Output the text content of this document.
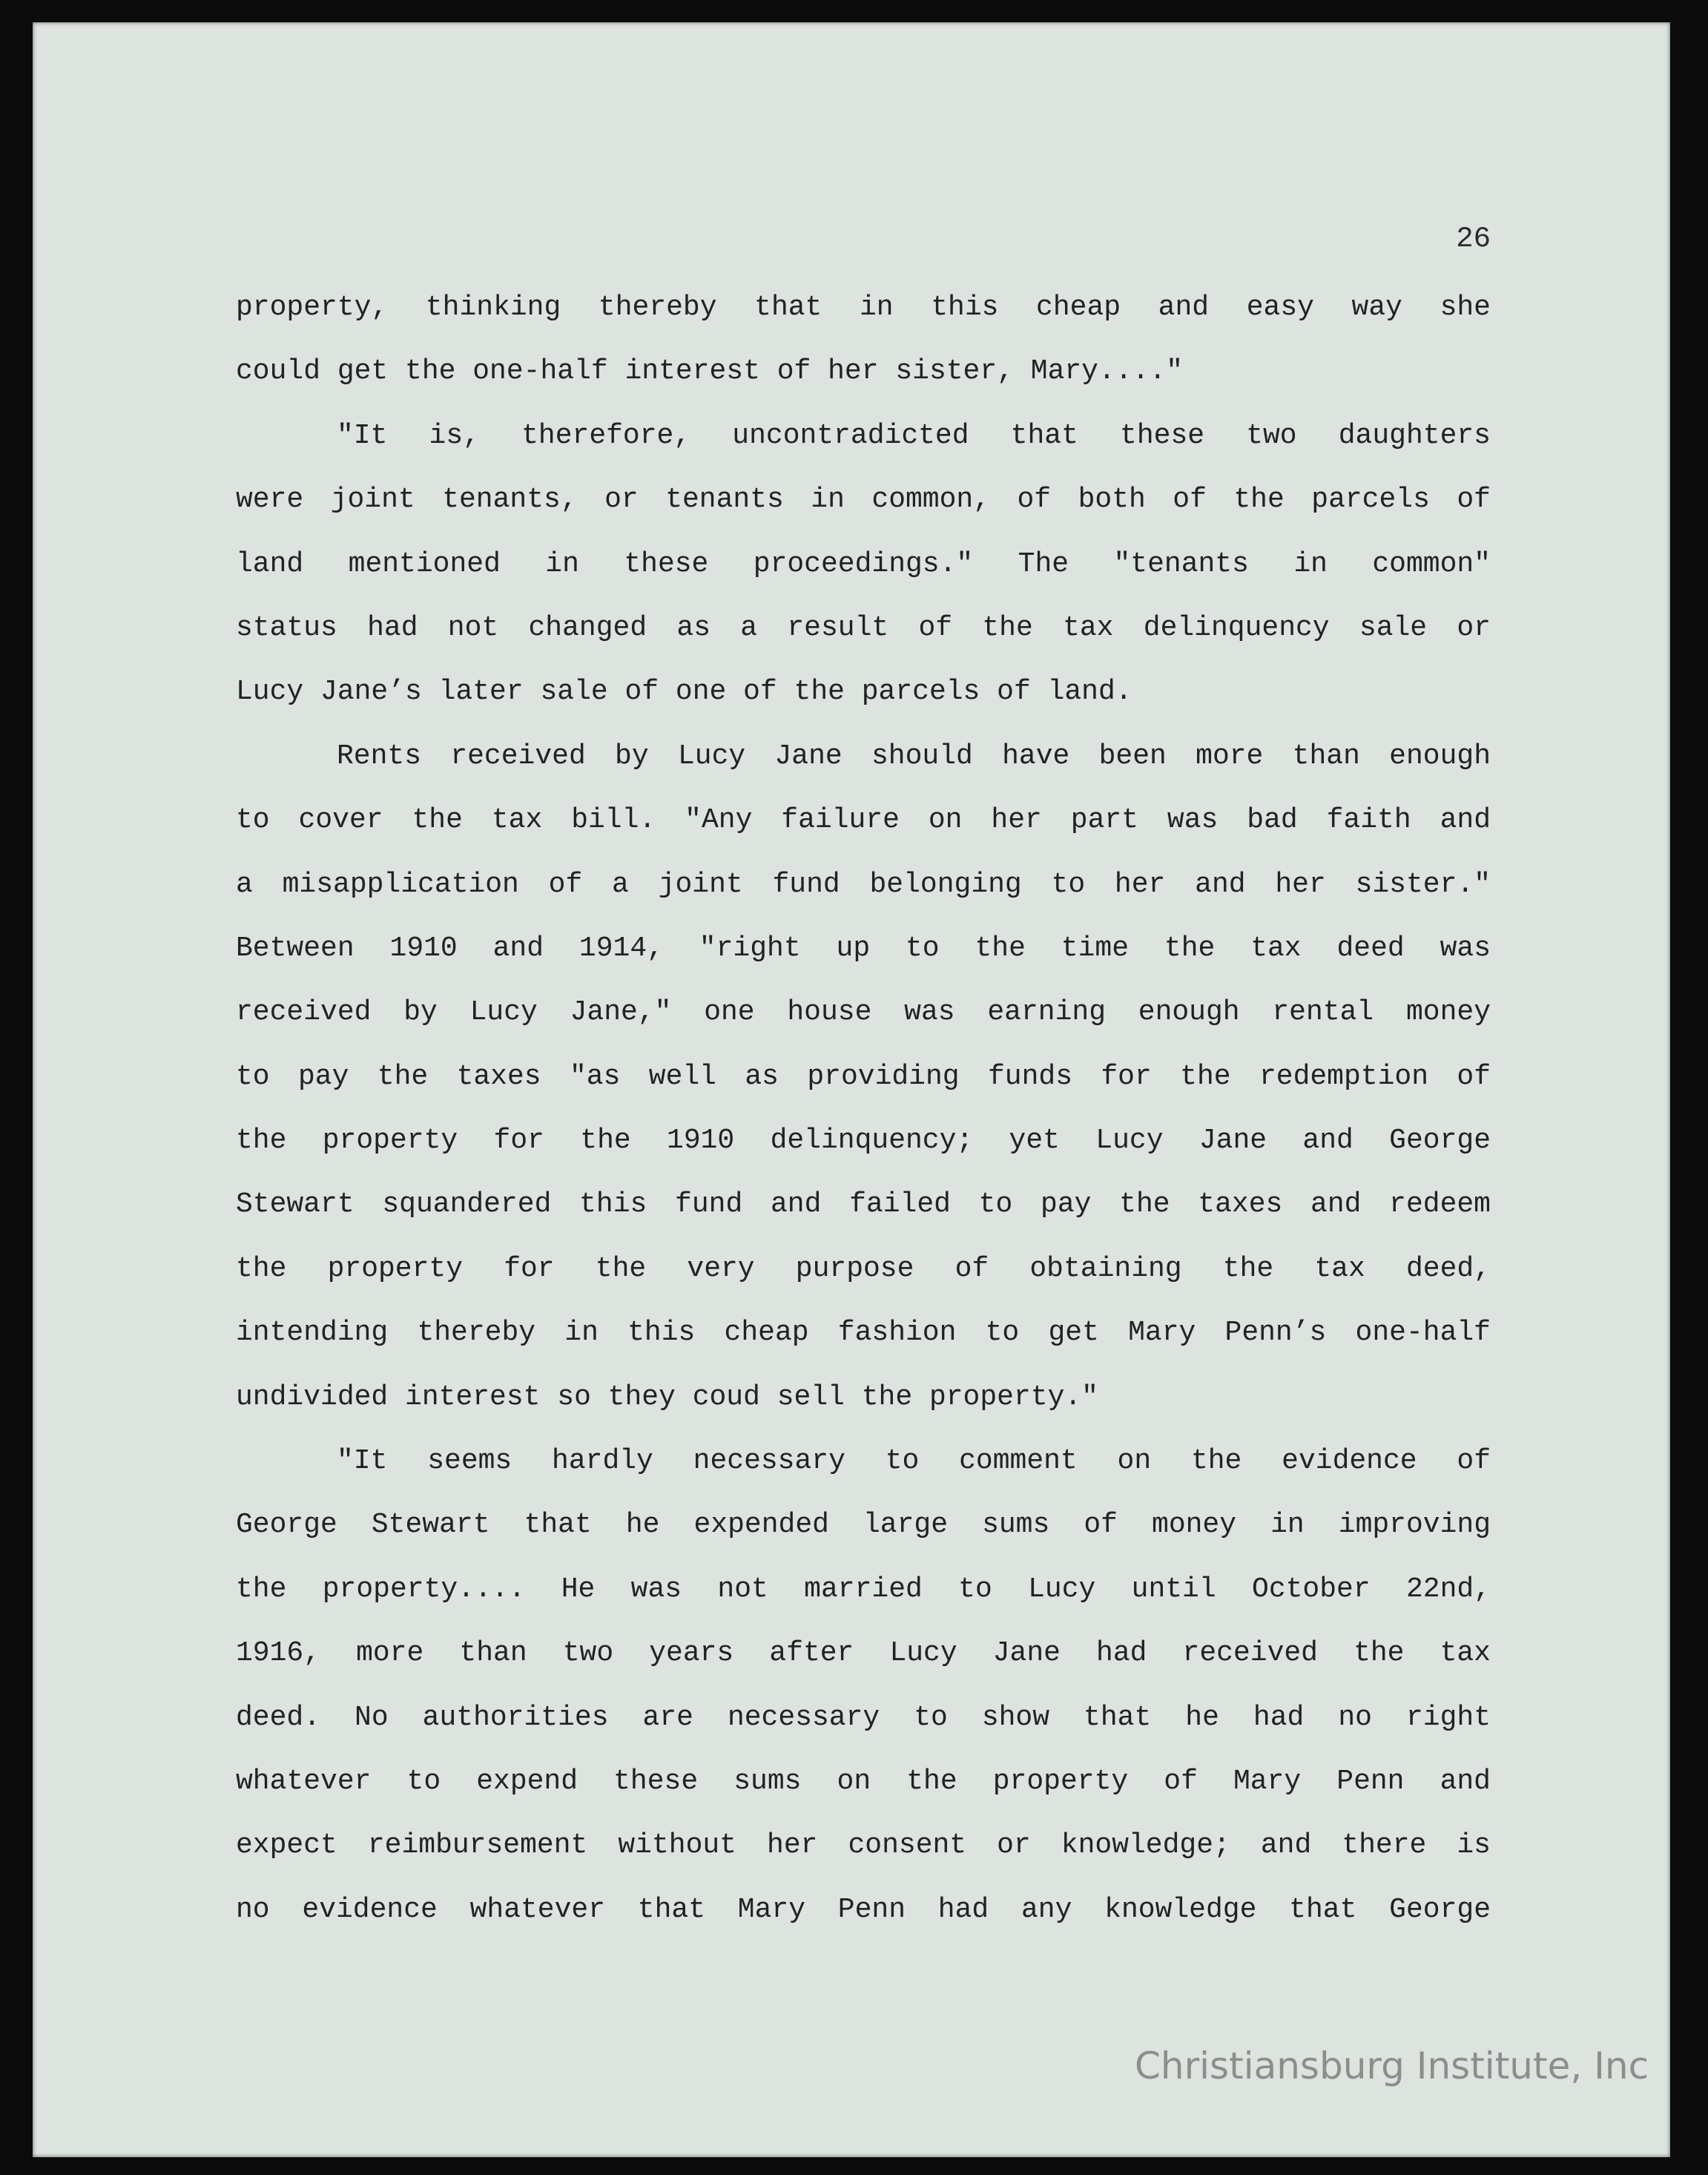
26
property, thinking thereby that in this cheap and easy way she
could get the one-half interest of her sister, Mary...."
"It is, therefore, uncontradicted that these two daughters
were joint tenants, or tenants in common, of both of the parcels of
land mentioned in these proceedings." The "tenants in common"
status had not changed as a result of the tax delinquency sale or
Lucy Jane’s later sale of one of the parcels of land.
Rents received by Lucy Jane should have been more than enough
to cover the tax bill. "Any failure on her part was bad faith and
a misapplication of a joint fund belonging to her and her sister."
Between 1910 and 1914, "right up to the time the tax deed was
received by Lucy Jane," one house was earning enough rental money
to pay the taxes "as well as providing funds for the redemption of
the property for the 1910 delinquency; yet Lucy Jane and George
Stewart squandered this fund and failed to pay the taxes and redeem
the property for the very purpose of obtaining the tax deed,
intending thereby in this cheap fashion to get Mary Penn’s one-half
undivided interest so they coud sell the property."
"It seems hardly necessary to comment on the evidence of
George Stewart that he expended large sums of money in improving
the property.... He was not married to Lucy until October 22nd,
1916, more than two years after Lucy Jane had received the tax
deed. No authorities are necessary to show that he had no right
whatever to expend these sums on the property of Mary Penn and
expect reimbursement without her consent or knowledge; and there is
no evidence whatever that Mary Penn had any knowledge that George
Christiansburg Institute, Inc
